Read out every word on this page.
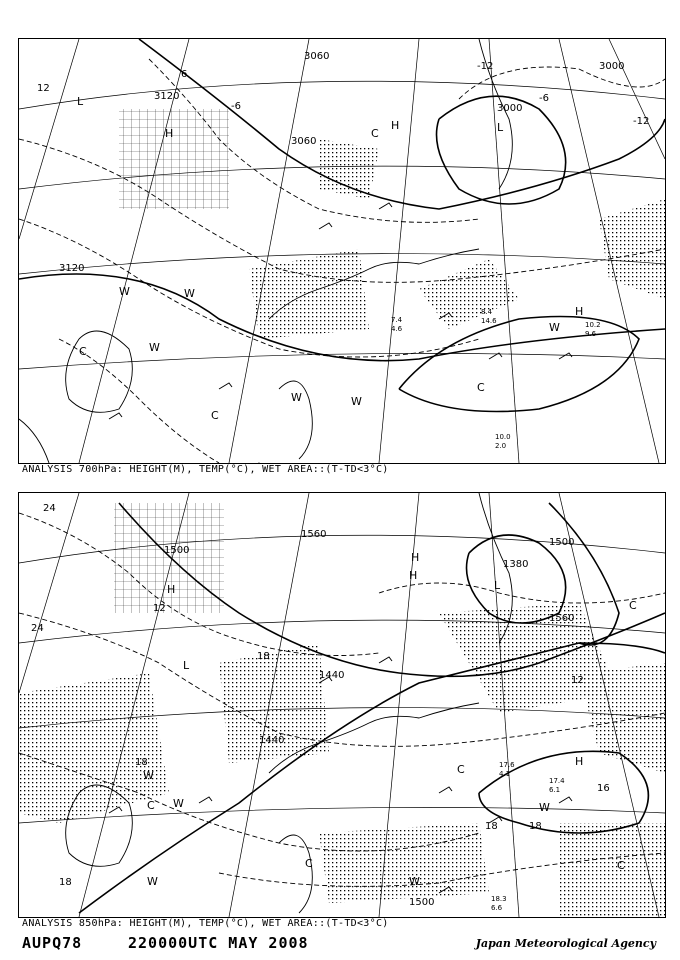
3120
3120
3060
3060
3000
3000
12
6
-6
-12
-12
-6
L
H	L
C
H
W
W
C
W	W
W
C
H
W
C
10.0
2.0
8.4
14.6	10.2
9.6
7.4
4.6
ANALYSIS 700hPa: HEIGHT(M), TEMP(°C), WET AREA::(T-TD<3°C)
1500
1500
1500
1380
1560
1560
1440
1440
24
24
12
18
18
12
18
18	18
16
H
L
H
W
C W
C
W
H
W
C
L
W
C
H
C
17.6
4.1
17.4
6.1
18.3
6.6
ANALYSIS 850hPa: HEIGHT(M), TEMP(°C), WET AREA::(T-TD<3°C)
AUPQ78	220000UTC MAY 2008	Japan Meteorological Agency
